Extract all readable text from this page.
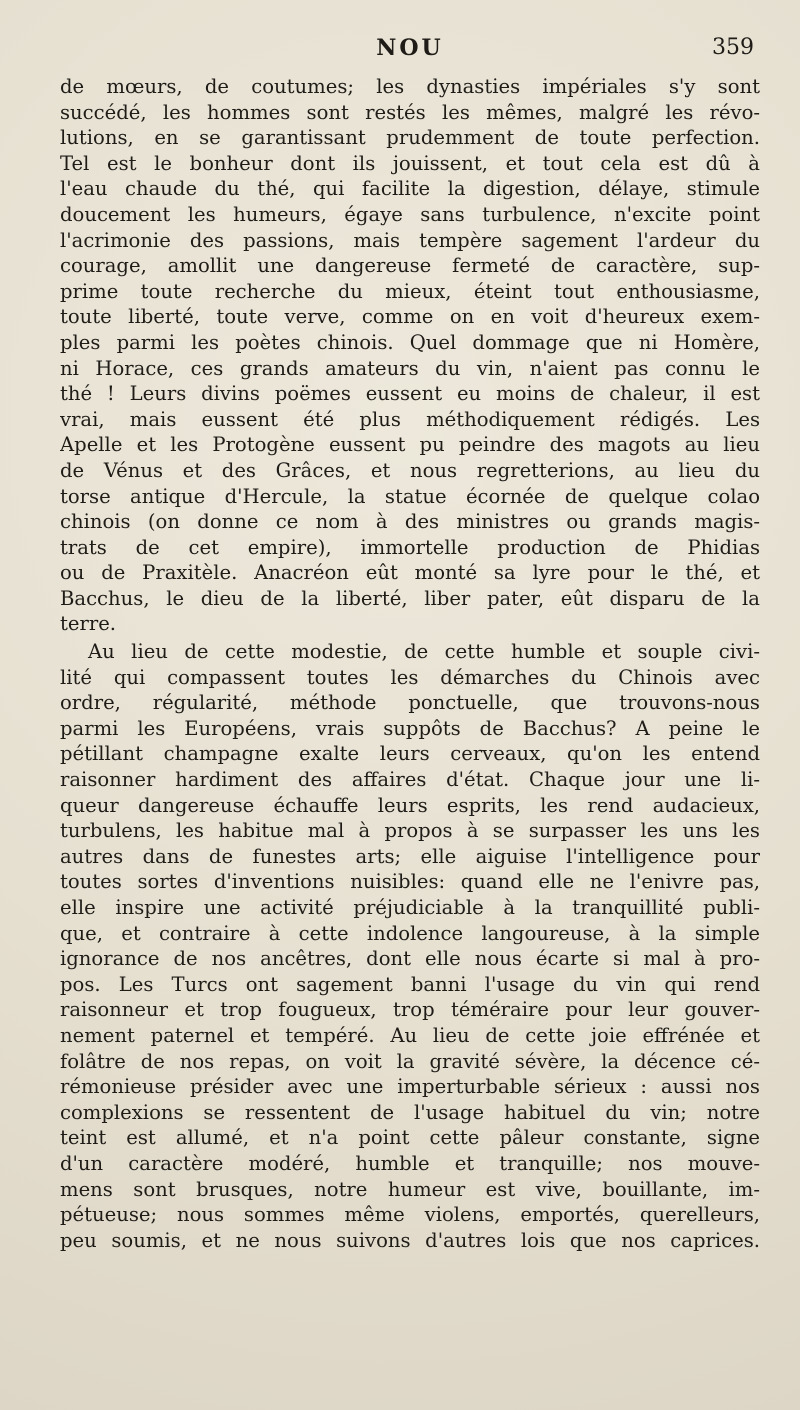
NOU	359
de mœurs, de coutumes; les dynasties impériales s'y sont
succédé, les hommes sont restés les mêmes, malgré les révo-
lutions, en se garantissant prudemment de toute perfection.
Tel est le bonheur dont ils jouissent, et tout cela est dû à
l'eau chaude du thé, qui facilite la digestion, délaye, stimule
doucement les humeurs, égaye sans turbulence, n'excite point
l'acrimonie des passions, mais tempère sagement l'ardeur du
courage, amollit une dangereuse fermeté de caractère, sup-
prime toute recherche du mieux, éteint tout enthousiasme,
toute liberté, toute verve, comme on en voit d'heureux exem-
ples parmi les poètes chinois. Quel dommage que ni Homère,
ni Horace, ces grands amateurs du vin, n'aient pas connu le
thé ! Leurs divins poëmes eussent eu moins de chaleur, il est
vrai, mais eussent été plus méthodiquement rédigés. Les
Apelle et les Protogène eussent pu peindre des magots au lieu
de Vénus et des Grâces, et nous regretterions, au lieu du
torse antique d'Hercule, la statue écornée de quelque colao
chinois (on donne ce nom à des ministres ou grands magis-
trats de cet empire), immortelle production de Phidias
ou de Praxitèle. Anacréon eût monté sa lyre pour le thé, et
Bacchus, le dieu de la liberté, liber pater, eût disparu de la
terre.
Au lieu de cette modestie, de cette humble et souple civi-
lité qui compassent toutes les démarches du Chinois avec
ordre, régularité, méthode ponctuelle, que trouvons-nous
parmi les Européens, vrais suppôts de Bacchus? A peine le
pétillant champagne exalte leurs cerveaux, qu'on les entend
raisonner hardiment des affaires d'état. Chaque jour une li-
queur dangereuse échauffe leurs esprits, les rend audacieux,
turbulens, les habitue mal à propos à se surpasser les uns les
autres dans de funestes arts; elle aiguise l'intelligence pour
toutes sortes d'inventions nuisibles: quand elle ne l'enivre pas,
elle inspire une activité préjudiciable à la tranquillité publi-
que, et contraire à cette indolence langoureuse, à la simple
ignorance de nos ancêtres, dont elle nous écarte si mal à pro-
pos. Les Turcs ont sagement banni l'usage du vin qui rend
raisonneur et trop fougueux, trop téméraire pour leur gouver-
nement paternel et tempéré. Au lieu de cette joie effrénée et
folâtre de nos repas, on voit la gravité sévère, la décence cé-
rémonieuse présider avec une imperturbable sérieux : aussi nos
complexions se ressentent de l'usage habituel du vin; notre
teint est allumé, et n'a point cette pâleur constante, signe
d'un caractère modéré, humble et tranquille; nos mouve-
mens sont brusques, notre humeur est vive, bouillante, im-
pétueuse; nous sommes même violens, emportés, querelleurs,
peu soumis, et ne nous suivons d'autres lois que nos caprices.
